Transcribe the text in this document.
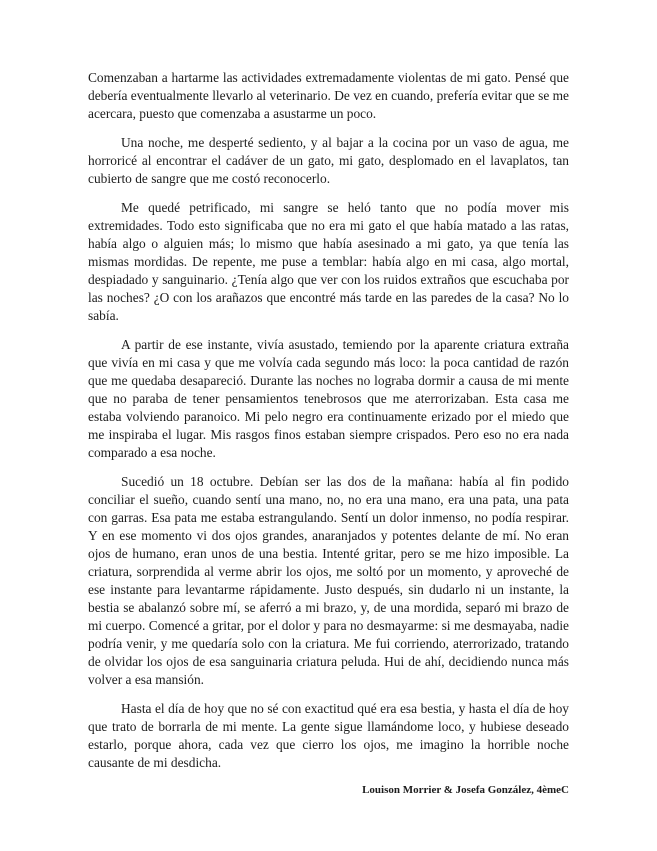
Comenzaban a hartarme las actividades extremadamente violentas de mi gato. Pensé que debería eventualmente llevarlo al veterinario. De vez en cuando, prefería evitar que se me acercara, puesto que comenzaba a asustarme un poco.

Una noche, me desperté sediento, y al bajar a la cocina por un vaso de agua, me horroricé al encontrar el cadáver de un gato, mi gato, desplomado en el lavaplatos, tan cubierto de sangre que me costó reconocerlo.

Me quedé petrificado, mi sangre se heló tanto que no podía mover mis extremidades. Todo esto significaba que no era mi gato el que había matado a las ratas, había algo o alguien más; lo mismo que había asesinado a mi gato, ya que tenía las mismas mordidas. De repente, me puse a temblar: había algo en mi casa, algo mortal, despiadado y sanguinario. ¿Tenía algo que ver con los ruidos extraños que escuchaba por las noches? ¿O con los arañazos que encontré más tarde en las paredes de la casa? No lo sabía.

A partir de ese instante, vivía asustado, temiendo por la aparente criatura extraña que vivía en mi casa y que me volvía cada segundo más loco: la poca cantidad de razón que me quedaba desapareció. Durante las noches no lograba dormir a causa de mi mente que no paraba de tener pensamientos tenebrosos que me aterrorizaban. Esta casa me estaba volviendo paranoico. Mi pelo negro era continuamente erizado por el miedo que me inspiraba el lugar. Mis rasgos finos estaban siempre crispados. Pero eso no era nada comparado a esa noche.

Sucedió un 18 octubre. Debían ser las dos de la mañana: había al fin podido conciliar el sueño, cuando sentí una mano, no, no era una mano, era una pata, una pata con garras. Esa pata me estaba estrangulando. Sentí un dolor inmenso, no podía respirar. Y en ese momento vi dos ojos grandes, anaranjados y potentes delante de mí. No eran ojos de humano, eran unos de una bestia. Intenté gritar, pero se me hizo imposible. La criatura, sorprendida al verme abrir los ojos, me soltó por un momento, y aproveché de ese instante para levantarme rápidamente. Justo después, sin dudarlo ni un instante, la bestia se abalanzó sobre mí, se aferró a mi brazo, y, de una mordida, separó mi brazo de mi cuerpo. Comencé a gritar, por el dolor y para no desmayarme: si me desmayaba, nadie podría venir, y me quedaría solo con la criatura. Me fui corriendo, aterrorizado, tratando de olvidar los ojos de esa sanguinaria criatura peluda. Hui de ahí, decidiendo nunca más volver a esa mansión.

Hasta el día de hoy que no sé con exactitud qué era esa bestia, y hasta el día de hoy que trato de borrarla de mi mente. La gente sigue llamándome loco, y hubiese deseado estarlo, porque ahora, cada vez que cierro los ojos, me imagino la horrible noche causante de mi desdicha.

Louison Morrier & Josefa González, 4èmeC
